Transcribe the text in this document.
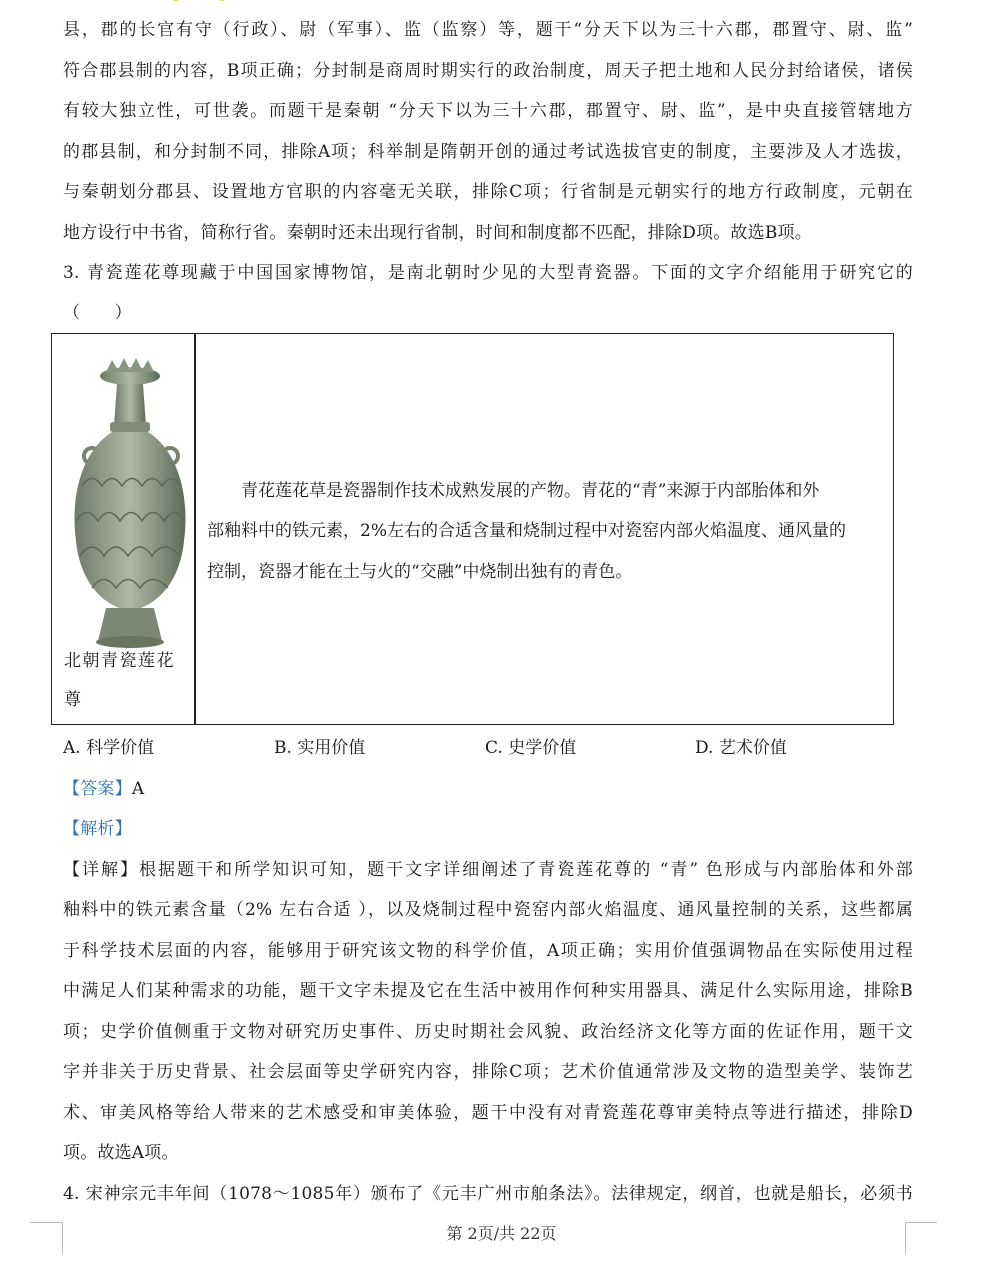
县，郡的长官有守（行政）、尉（军事）、监（监察）等，题干“分天下以为三十六郡，郡置守、尉、监”
符合郡县制的内容，B项正确；分封制是商周时期实行的政治制度，周天子把土地和人民分封给诸侯，诸侯
有较大独立性，可世袭。而题干是秦朝 “分天下以为三十六郡，郡置守、尉、监”，是中央直接管辖地方
的郡县制，和分封制不同，排除A项；科举制是隋朝开创的通过考试选拔官吏的制度，主要涉及人才选拔，
与秦朝划分郡县、设置地方官职的内容毫无关联，排除C项；行省制是元朝实行的地方行政制度，元朝在
地方设行中书省，简称行省。秦朝时还未出现行省制，时间和制度都不匹配，排除D项。故选B项。
3. 青瓷莲花尊现藏于中国国家博物馆，是南北朝时少见的大型青瓷器。下面的文字介绍能用于研究它的
（　　）
北朝青瓷莲花
尊
　　青花莲花草是瓷器制作技术成熟发展的产物。青花的“青”来源于内部胎体和外
部釉料中的铁元素，2%左右的合适含量和烧制过程中对瓷窑内部火焰温度、通风量的
控制，瓷器才能在土与火的“交融”中烧制出独有的青色。
A. 科学价值	B. 实用价值	C. 史学价值	D. 艺术价值
【答案】A
【解析】
【详解】根据题干和所学知识可知，题干文字详细阐述了青瓷莲花尊的 “青” 色形成与内部胎体和外部
釉料中的铁元素含量（2% 左右合适 ），以及烧制过程中瓷窑内部火焰温度、通风量控制的关系，这些都属
于科学技术层面的内容，能够用于研究该文物的科学价值，A项正确；实用价值强调物品在实际使用过程
中满足人们某种需求的功能，题干文字未提及它在生活中被用作何种实用器具、满足什么实际用途，排除B
项；史学价值侧重于文物对研究历史事件、历史时期社会风貌、政治经济文化等方面的佐证作用，题干文
字并非关于历史背景、社会层面等史学研究内容，排除C项；艺术价值通常涉及文物的造型美学、装饰艺
术、审美风格等给人带来的艺术感受和审美体验，题干中没有对青瓷莲花尊审美特点等进行描述，排除D
项。故选A项。
4. 宋神宗元丰年间（1078～1085年）颁布了《元丰广州市舶条法》。法律规定，纲首，也就是船长，必须书
第 2页/共 22页
